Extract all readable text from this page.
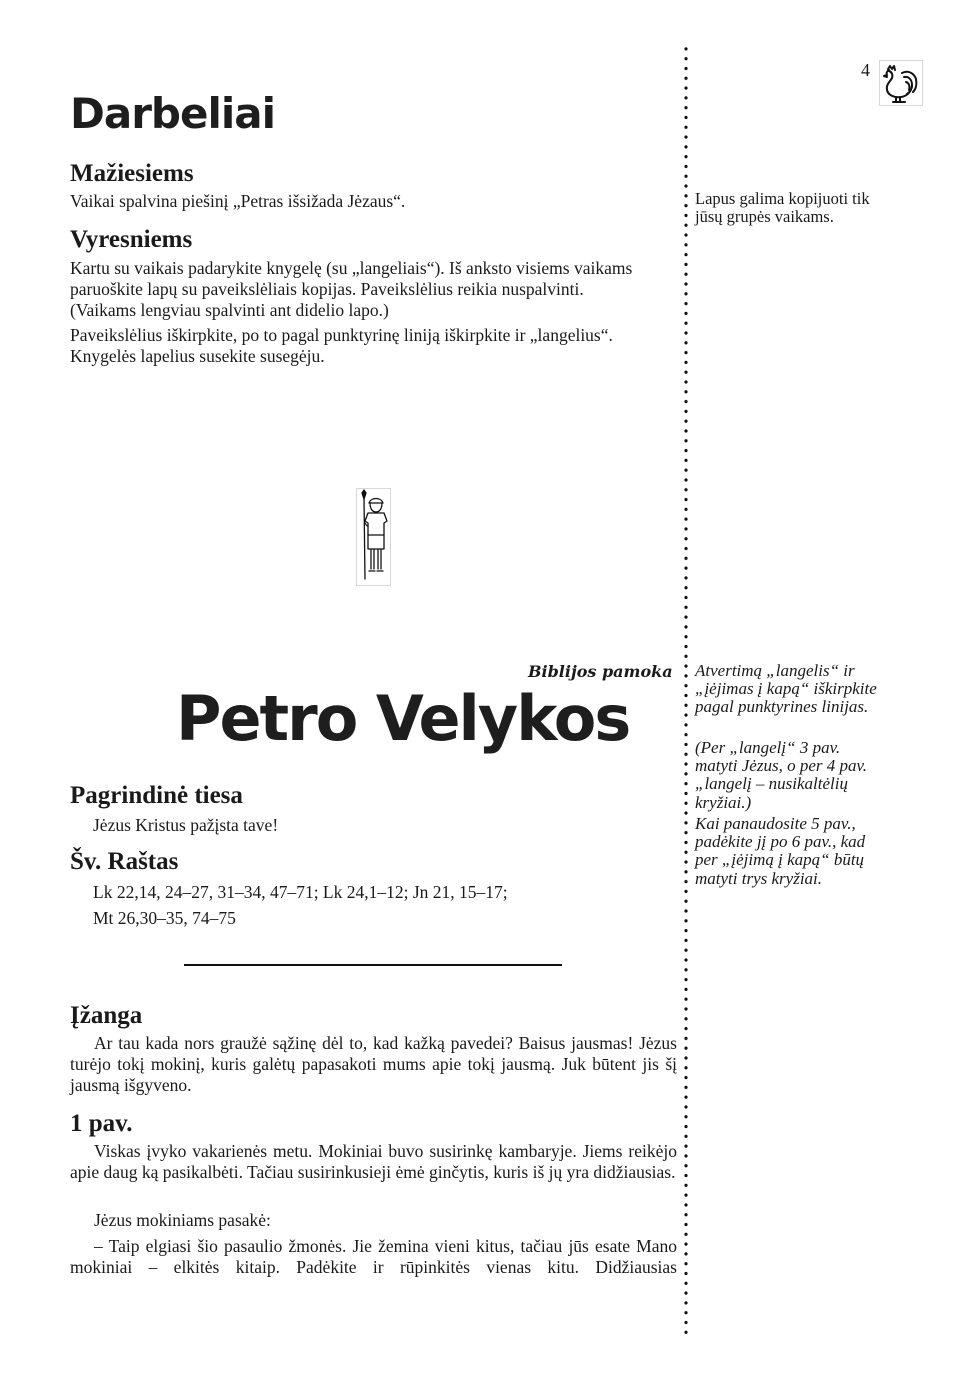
4
Darbeliai
Mažiesiems
Vaikai spalvina piešinį „Petras išsižada Jėzaus“.
Vyresniems
Kartu su vaikais padarykite knygelę (su „langeliais“). Iš anksto visiems vaikams paruoškite lapų su paveikslėliais kopijas. Paveikslėlius reikia nuspalvinti. (Vaikams lengviau spalvinti ant didelio lapo.)
Paveikslėlius iškirpkite, po to pagal punktyrinę liniją iškirpkite ir „langelius“. Knygelės lapelius susekite susegėju.
Lapus galima kopijuoti tik jūsų grupės vaikams.
Atvertimą „langelis“ ir „įėjimas į kapą“ iškirpkite pagal punktyrines linijas.
(Per „langelį“ 3 pav. matyti Jėzus, o per 4 pav. „langelį – nusikaltėlių kryžiai.)
Kai panaudosite 5 pav., padėkite jį po 6 pav., kad per „įėjimą į kapą“ būtų matyti trys kryžiai.
Biblijos pamoka
Petro Velykos
Pagrindinė tiesa
Jėzus Kristus pažįsta tave!
Šv. Raštas
Lk 22,14, 24–27, 31–34, 47–71; Lk 24,1–12; Jn 21, 15–17;
Mt 26,30–35, 74–75
Įžanga
Ar tau kada nors graužė sąžinę dėl to, kad kažką pavedei? Baisus jausmas! Jėzus turėjo tokį mokinį, kuris galėtų papasakoti mums apie tokį jausmą. Juk būtent jis šį jausmą išgyveno.
1 pav.
Viskas įvyko vakarienės metu. Mokiniai buvo susirinkę kambaryje. Jiems reikėjo apie daug ką pasikalbėti. Tačiau susirinkusieji ėmė ginčytis, kuris iš jų yra didžiausias.
Jėzus mokiniams pasakė:
– Taip elgiasi šio pasaulio žmonės. Jie žemina vieni kitus, tačiau jūs esate Mano mokiniai – elkitės kitaip. Padėkite ir rūpinkitės vienas kitu. Didžiausias
